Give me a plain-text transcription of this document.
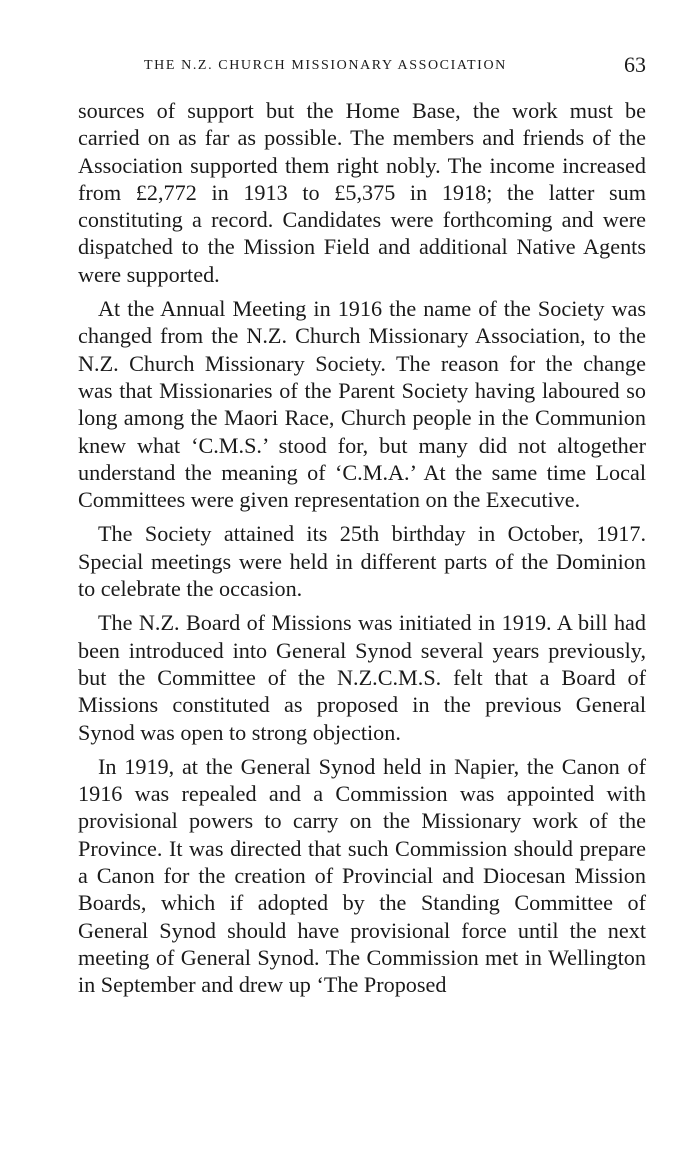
THE N.Z. CHURCH MISSIONARY ASSOCIATION	63

sources of support but the Home Base, the work must be carried on as far as possible. The members and friends of the Association supported them right nobly. The income increased from £2,772 in 1913 to £5,375 in 1918; the latter sum constituting a record. Candidates were forthcoming and were dispatched to the Mission Field and additional Native Agents were supported.

At the Annual Meeting in 1916 the name of the Society was changed from the N.Z. Church Missionary Association, to the N.Z. Church Missionary Society. The reason for the change was that Missionaries of the Parent Society having laboured so long among the Maori Race, Church people in the Communion knew what ‘C.M.S.’ stood for, but many did not altogether understand the meaning of ‘C.M.A.’ At the same time Local Committees were given representation on the Executive.

The Society attained its 25th birthday in October, 1917. Special meetings were held in different parts of the Dominion to celebrate the occasion.

The N.Z. Board of Missions was initiated in 1919. A bill had been introduced into General Synod several years previously, but the Committee of the N.Z.C.M.S. felt that a Board of Missions constituted as proposed in the previous General Synod was open to strong objection.

In 1919, at the General Synod held in Napier, the Canon of 1916 was repealed and a Commission was appointed with provisional powers to carry on the Missionary work of the Province. It was directed that such Commission should prepare a Canon for the creation of Provincial and Diocesan Mission Boards, which if adopted by the Standing Committee of General Synod should have provisional force until the next meeting of General Synod. The Commission met in Wellington in September and drew up ‘The Proposed
